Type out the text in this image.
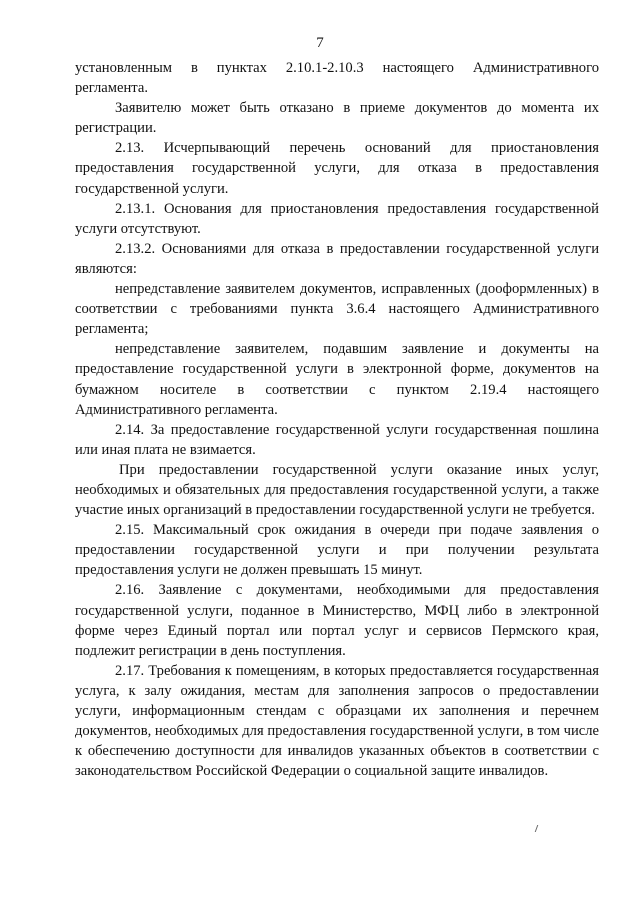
7

установленным в пунктах 2.10.1-2.10.3 настоящего Административного регламента.

Заявителю может быть отказано в приеме документов до момента их регистрации.

2.13. Исчерпывающий перечень оснований для приостановления предоставления государственной услуги, для отказа в предоставления государственной услуги.

2.13.1. Основания для приостановления предоставления государственной услуги отсутствуют.

2.13.2. Основаниями для отказа в предоставлении государственной услуги являются:

непредставление заявителем документов, исправленных (дооформленных) в соответствии с требованиями пункта 3.6.4 настоящего Административного регламента;

непредставление заявителем, подавшим заявление и документы на предоставление государственной услуги в электронной форме, документов на бумажном носителе в соответствии с пунктом 2.19.4 настоящего Административного регламента.

2.14. За предоставление государственной услуги государственная пошлина или иная плата не взимается.

При предоставлении государственной услуги оказание иных услуг, необходимых и обязательных для предоставления государственной услуги, а также участие иных организаций в предоставлении государственной услуги не требуется.

2.15. Максимальный срок ожидания в очереди при подаче заявления о предоставлении государственной услуги и при получении результата предоставления услуги не должен превышать 15 минут.

2.16. Заявление с документами, необходимыми для предоставления государственной услуги, поданное в Министерство, МФЦ либо в электронной форме через Единый портал или портал услуг и сервисов Пермского края, подлежит регистрации в день поступления.

2.17. Требования к помещениям, в которых предоставляется государственная услуга, к залу ожидания, местам для заполнения запросов о предоставлении услуги, информационным стендам с образцами их заполнения и перечнем документов, необходимых для предоставления государственной услуги, в том числе к обеспечению доступности для инвалидов указанных объектов в соответствии с законодательством Российской Федерации о социальной защите инвалидов.
